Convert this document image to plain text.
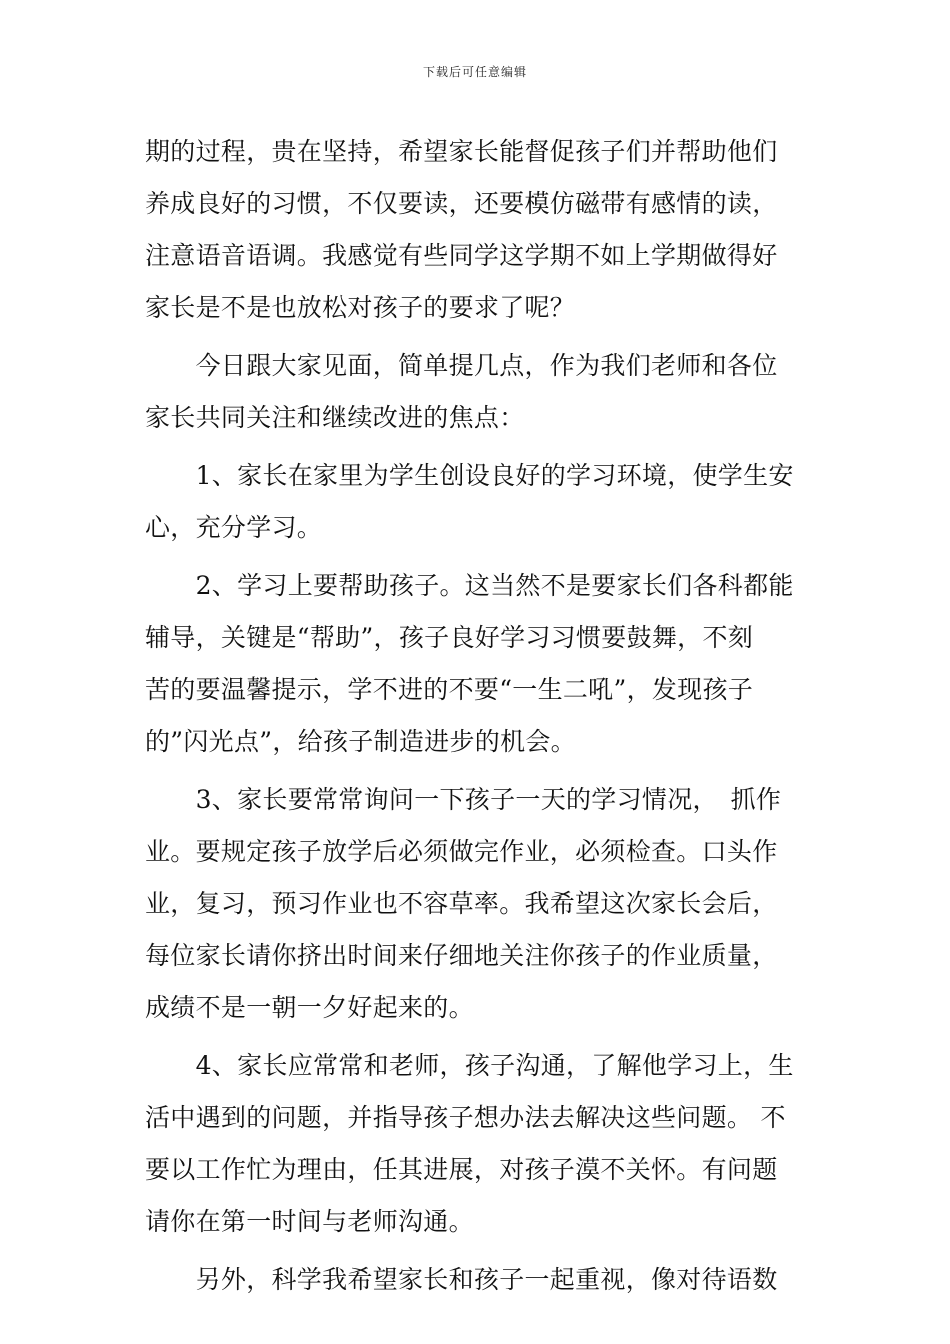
下载后可任意编辑
期的过程，贵在坚持，希望家长能督促孩子们并帮助他们
养成良好的习惯，不仅要读，还要模仿磁带有感情的读，
注意语音语调。我感觉有些同学这学期不如上学期做得好
家长是不是也放松对孩子的要求了呢？
　　今日跟大家见面，简单提几点，作为我们老师和各位
家长共同关注和继续改进的焦点：
　　1、家长在家里为学生创设良好的学习环境，使学生安
心，充分学习。
　　2、学习上要帮助孩子。这当然不是要家长们各科都能
辅导，关键是“帮助”，孩子良好学习习惯要鼓舞，不刻
苦的要温馨提示，学不进的不要“一生二吼”，发现孩子
的”闪光点”，给孩子制造进步的机会。
　　3、家长要常常询问一下孩子一天的学习情况，　抓作
业。要规定孩子放学后必须做完作业，必须检查。口头作
业，复习，预习作业也不容草率。我希望这次家长会后，
每位家长请你挤出时间来仔细地关注你孩子的作业质量，
成绩不是一朝一夕好起来的。
　　4、家长应常常和老师，孩子沟通，了解他学习上，生
活中遇到的问题，并指导孩子想办法去解决这些问题。 不
要以工作忙为理由，任其进展，对孩子漠不关怀。有问题
请你在第一时间与老师沟通。
　　另外，科学我希望家长和孩子一起重视，像对待语数
